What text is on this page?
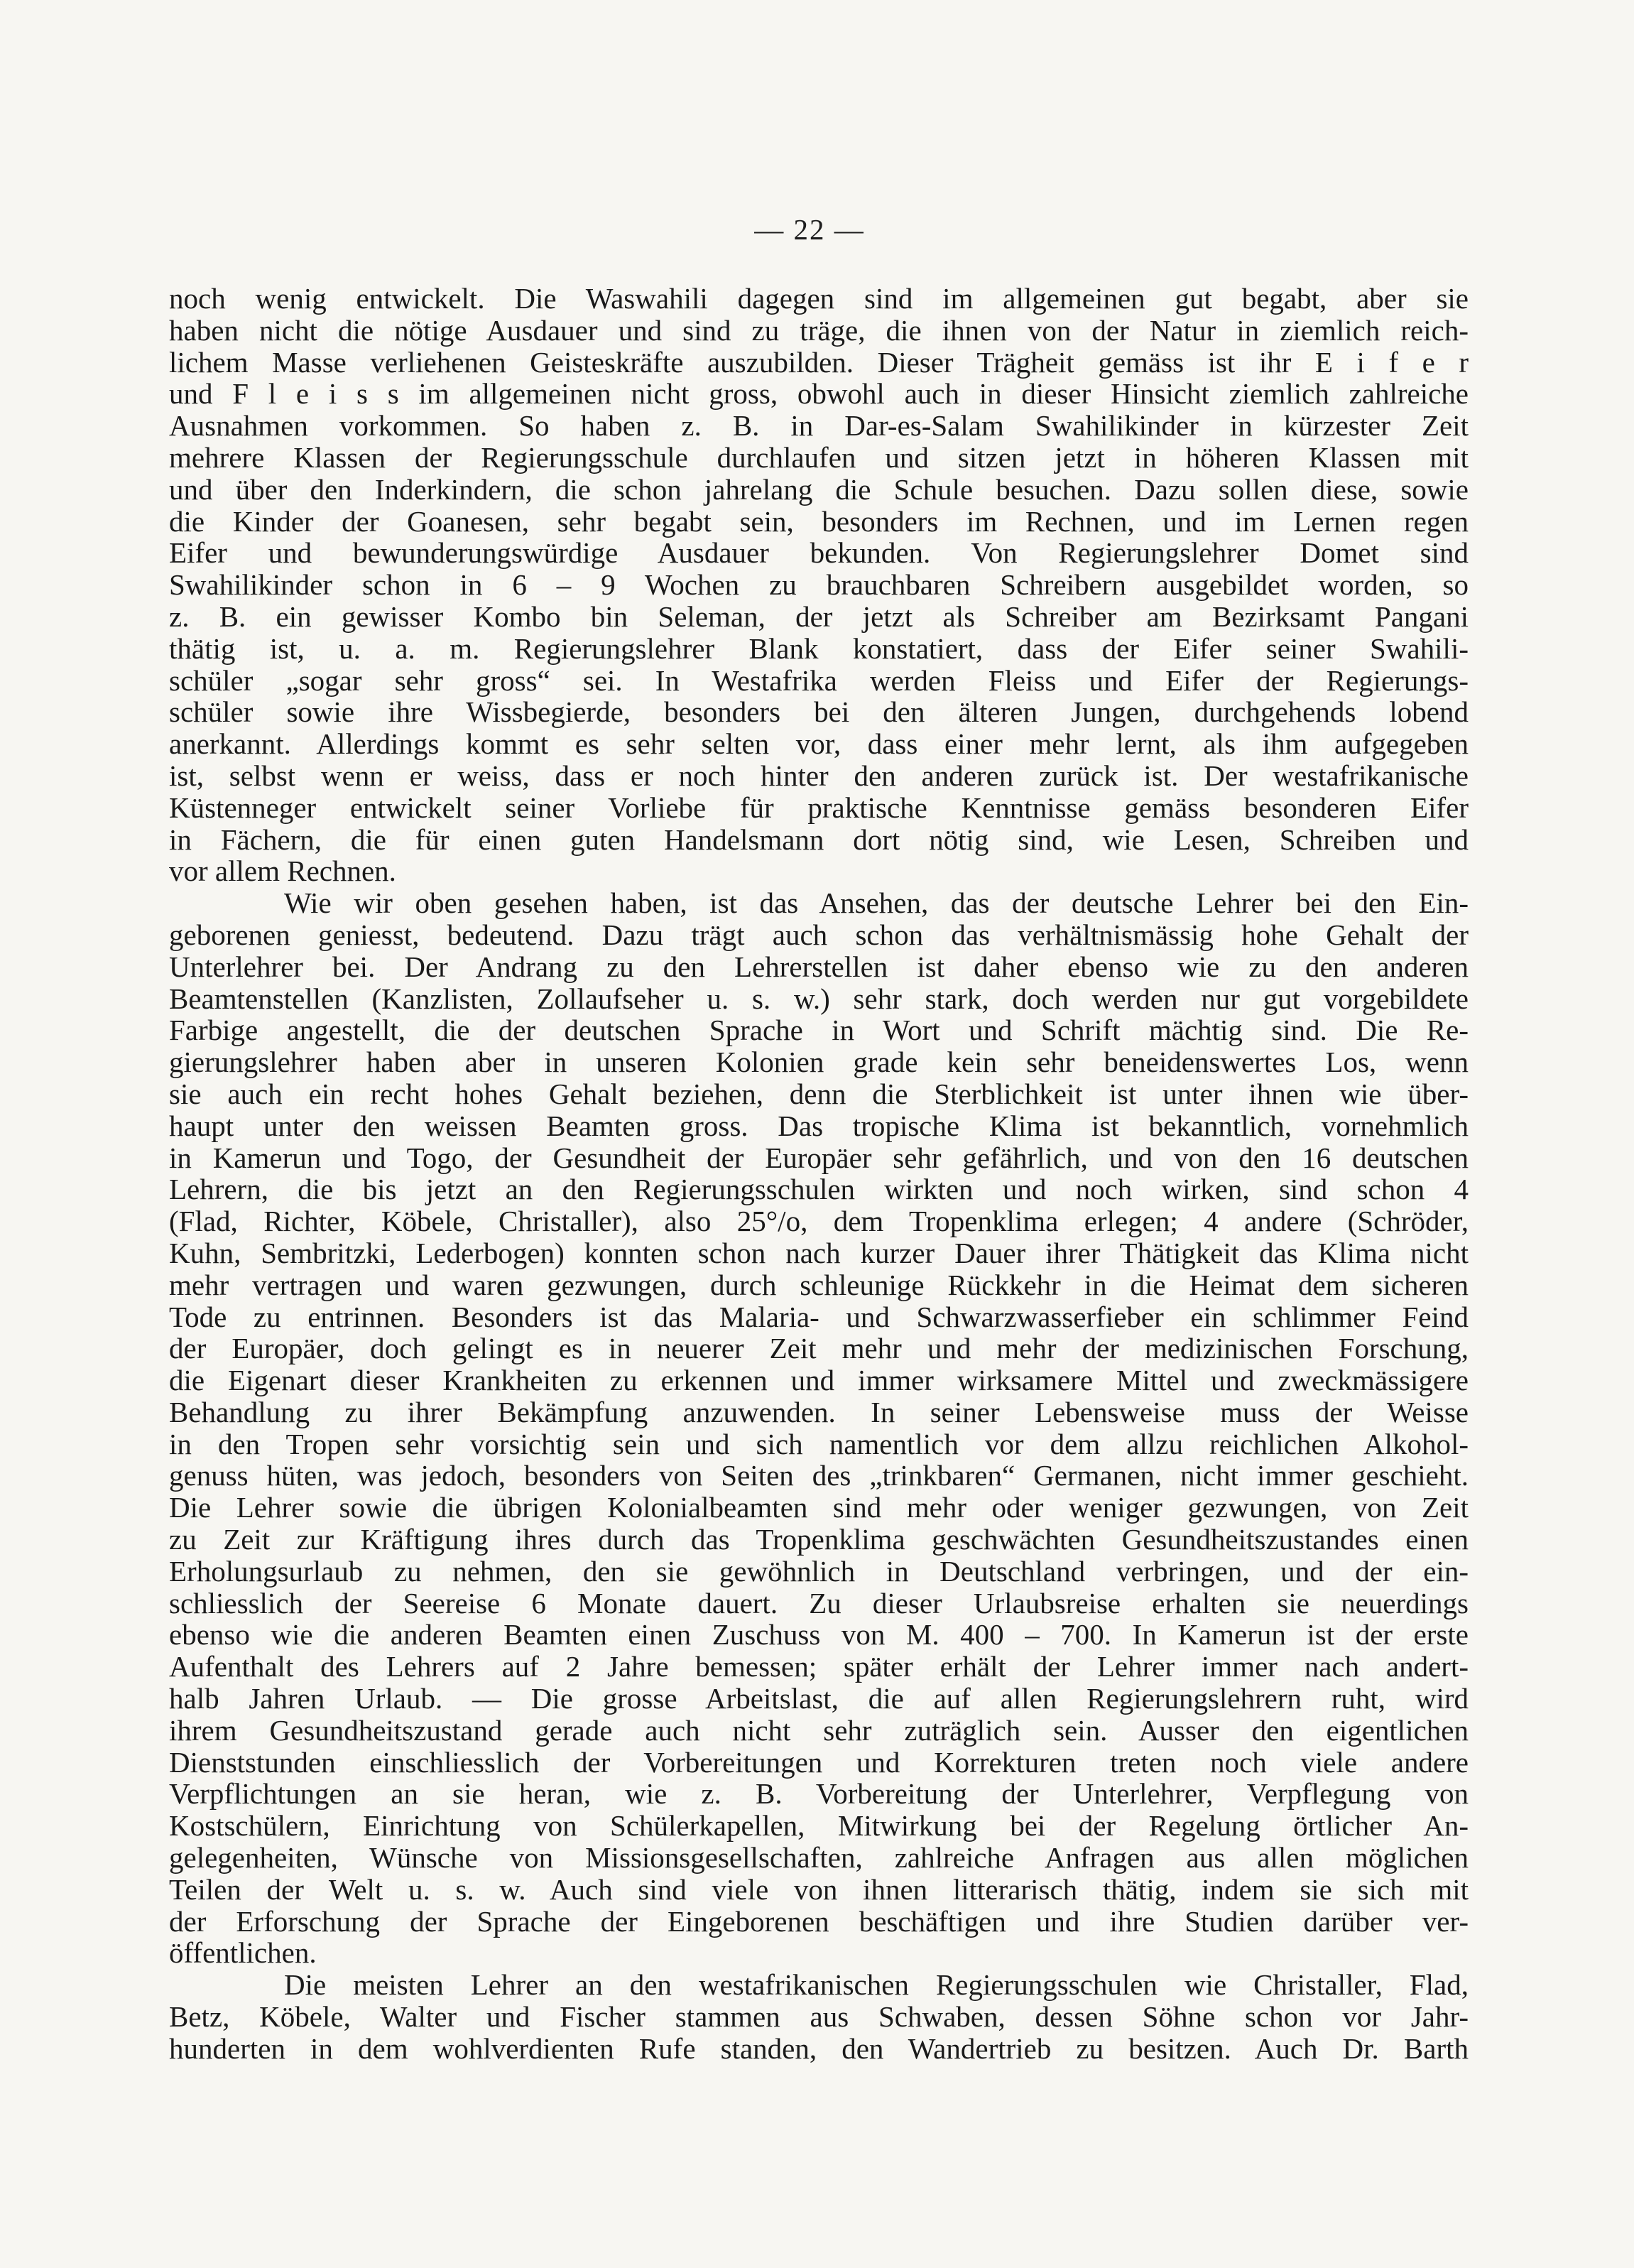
— 22 —
noch wenig entwickelt. Die Waswahili dagegen sind im allgemeinen gut begabt, aber sie
haben nicht die nötige Ausdauer und sind zu träge, die ihnen von der Natur in ziemlich reich-
lichem Masse verliehenen Geisteskräfte auszubilden. Dieser Trägheit gemäss ist ihr E i f e r
und F l e i s s im allgemeinen nicht gross, obwohl auch in dieser Hinsicht ziemlich zahlreiche
Ausnahmen vorkommen. So haben z. B. in Dar-es-Salam Swahilikinder in kürzester Zeit
mehrere Klassen der Regierungsschule durchlaufen und sitzen jetzt in höheren Klassen mit
und über den Inderkindern, die schon jahrelang die Schule besuchen. Dazu sollen diese, sowie
die Kinder der Goanesen, sehr begabt sein, besonders im Rechnen, und im Lernen regen
Eifer und bewunderungswürdige Ausdauer bekunden. Von Regierungslehrer Domet sind
Swahilikinder schon in 6 – 9 Wochen zu brauchbaren Schreibern ausgebildet worden, so
z. B. ein gewisser Kombo bin Seleman, der jetzt als Schreiber am Bezirksamt Pangani
thätig ist, u. a. m. Regierungslehrer Blank konstatiert, dass der Eifer seiner Swahili-
schüler „sogar sehr gross“ sei. In Westafrika werden Fleiss und Eifer der Regierungs-
schüler sowie ihre Wissbegierde, besonders bei den älteren Jungen, durchgehends lobend
anerkannt. Allerdings kommt es sehr selten vor, dass einer mehr lernt, als ihm aufgegeben
ist, selbst wenn er weiss, dass er noch hinter den anderen zurück ist. Der westafrikanische
Küstenneger entwickelt seiner Vorliebe für praktische Kenntnisse gemäss besonderen Eifer
in Fächern, die für einen guten Handelsmann dort nötig sind, wie Lesen, Schreiben und
vor allem Rechnen.
Wie wir oben gesehen haben, ist das Ansehen, das der deutsche Lehrer bei den Ein-
geborenen geniesst, bedeutend. Dazu trägt auch schon das verhältnismässig hohe Gehalt der
Unterlehrer bei. Der Andrang zu den Lehrerstellen ist daher ebenso wie zu den anderen
Beamtenstellen (Kanzlisten, Zollaufseher u. s. w.) sehr stark, doch werden nur gut vorgebildete
Farbige angestellt, die der deutschen Sprache in Wort und Schrift mächtig sind. Die Re-
gierungslehrer haben aber in unseren Kolonien grade kein sehr beneidenswertes Los, wenn
sie auch ein recht hohes Gehalt beziehen, denn die Sterblichkeit ist unter ihnen wie über-
haupt unter den weissen Beamten gross. Das tropische Klima ist bekanntlich, vornehmlich
in Kamerun und Togo, der Gesundheit der Europäer sehr gefährlich, und von den 16 deutschen
Lehrern, die bis jetzt an den Regierungsschulen wirkten und noch wirken, sind schon 4
(Flad, Richter, Köbele, Christaller), also 25°/o, dem Tropenklima erlegen; 4 andere (Schröder,
Kuhn, Sembritzki, Lederbogen) konnten schon nach kurzer Dauer ihrer Thätigkeit das Klima nicht
mehr vertragen und waren gezwungen, durch schleunige Rückkehr in die Heimat dem sicheren
Tode zu entrinnen. Besonders ist das Malaria- und Schwarzwasserfieber ein schlimmer Feind
der Europäer, doch gelingt es in neuerer Zeit mehr und mehr der medizinischen Forschung,
die Eigenart dieser Krankheiten zu erkennen und immer wirksamere Mittel und zweckmässigere
Behandlung zu ihrer Bekämpfung anzuwenden. In seiner Lebensweise muss der Weisse
in den Tropen sehr vorsichtig sein und sich namentlich vor dem allzu reichlichen Alkohol-
genuss hüten, was jedoch, besonders von Seiten des „trinkbaren“ Germanen, nicht immer geschieht.
Die Lehrer sowie die übrigen Kolonialbeamten sind mehr oder weniger gezwungen, von Zeit
zu Zeit zur Kräftigung ihres durch das Tropenklima geschwächten Gesundheitszustandes einen
Erholungsurlaub zu nehmen, den sie gewöhnlich in Deutschland verbringen, und der ein-
schliesslich der Seereise 6 Monate dauert. Zu dieser Urlaubsreise erhalten sie neuerdings
ebenso wie die anderen Beamten einen Zuschuss von M. 400 – 700. In Kamerun ist der erste
Aufenthalt des Lehrers auf 2 Jahre bemessen; später erhält der Lehrer immer nach andert-
halb Jahren Urlaub. — Die grosse Arbeitslast, die auf allen Regierungslehrern ruht, wird
ihrem Gesundheitszustand gerade auch nicht sehr zuträglich sein. Ausser den eigentlichen
Dienststunden einschliesslich der Vorbereitungen und Korrekturen treten noch viele andere
Verpflichtungen an sie heran, wie z. B. Vorbereitung der Unterlehrer, Verpflegung von
Kostschülern, Einrichtung von Schülerkapellen, Mitwirkung bei der Regelung örtlicher An-
gelegenheiten, Wünsche von Missionsgesellschaften, zahlreiche Anfragen aus allen möglichen
Teilen der Welt u. s. w. Auch sind viele von ihnen litterarisch thätig, indem sie sich mit
der Erforschung der Sprache der Eingeborenen beschäftigen und ihre Studien darüber ver-
öffentlichen.
Die meisten Lehrer an den westafrikanischen Regierungsschulen wie Christaller, Flad,
Betz, Köbele, Walter und Fischer stammen aus Schwaben, dessen Söhne schon vor Jahr-
hunderten in dem wohlverdienten Rufe standen, den Wandertrieb zu besitzen. Auch Dr. Barth
